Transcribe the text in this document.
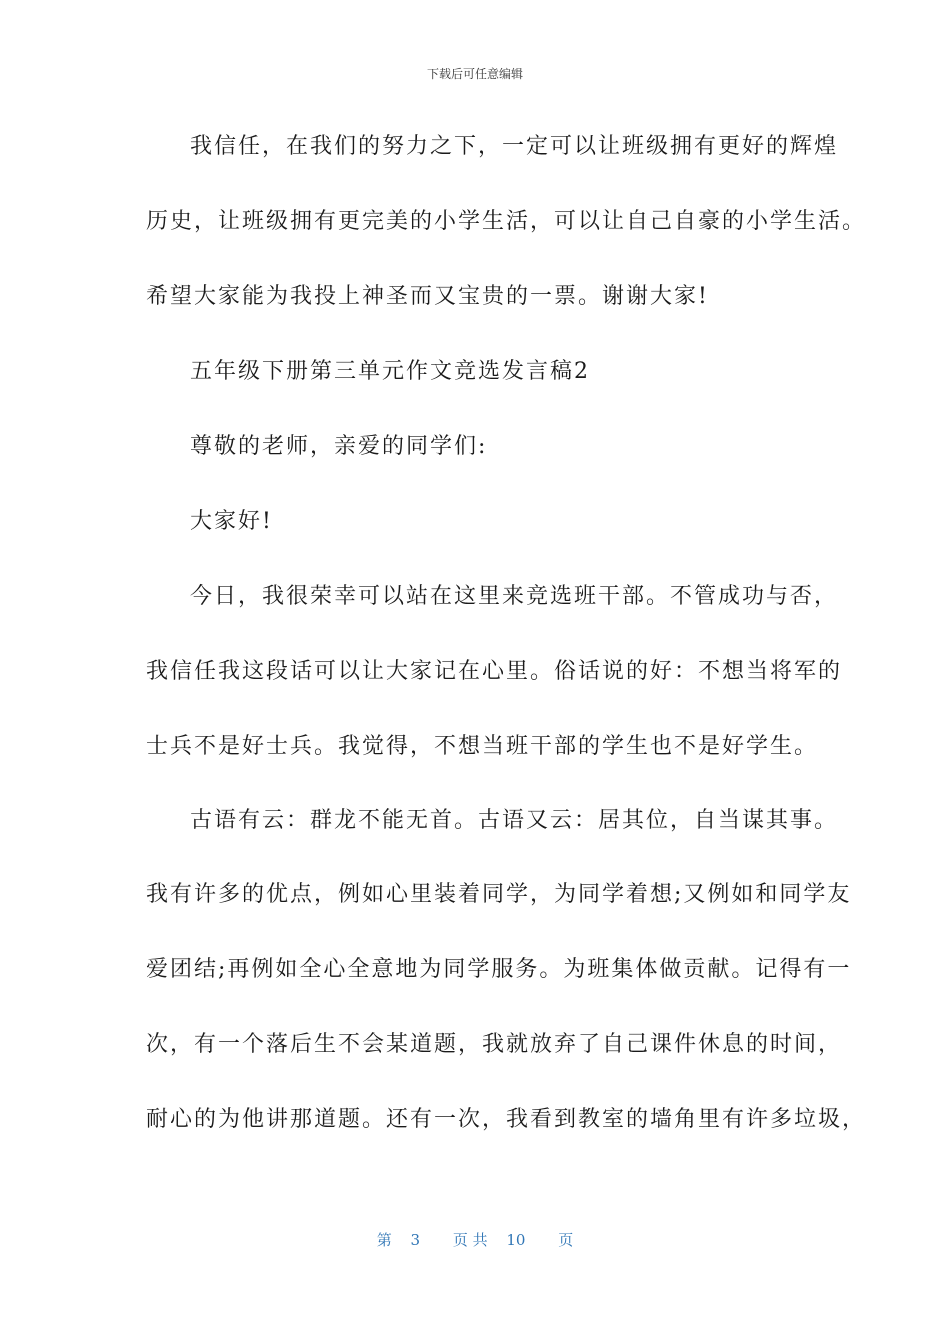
下载后可任意编辑
我信任，在我们的努力之下，一定可以让班级拥有更好的辉煌
历史，让班级拥有更完美的小学生活，可以让自己自豪的小学生活。
希望大家能为我投上神圣而又宝贵的一票。谢谢大家!
五年级下册第三单元作文竞选发言稿2
尊敬的老师，亲爱的同学们:
大家好!
今日，我很荣幸可以站在这里来竞选班干部。不管成功与否，
我信任我这段话可以让大家记在心里。俗话说的好：不想当将军的
士兵不是好士兵。我觉得，不想当班干部的学生也不是好学生。
古语有云：群龙不能无首。古语又云：居其位，自当谋其事。
我有许多的优点，例如心里装着同学，为同学着想;又例如和同学友
爱团结;再例如全心全意地为同学服务。为班集体做贡献。记得有一
次，有一个落后生不会某道题，我就放弃了自己课件休息的时间，
耐心的为他讲那道题。还有一次，我看到教室的墙角里有许多垃圾，
第 3 页 共 10 页
